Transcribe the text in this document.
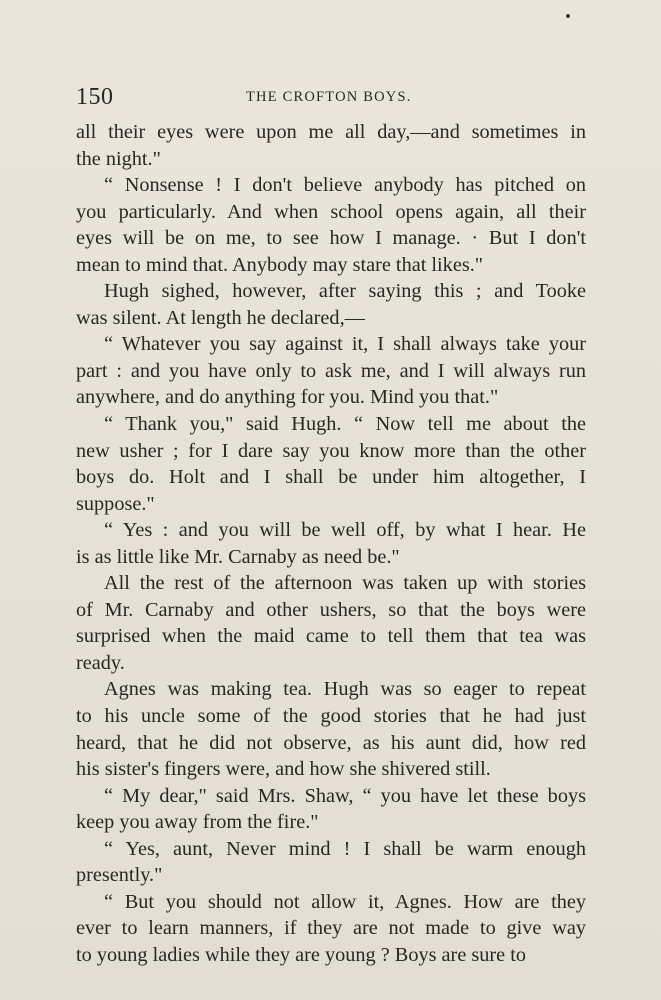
150	THE CROFTON BOYS.
all their eyes were upon me all day,—and sometimes in
the night."
“ Nonsense ! I don't believe anybody has pitched on
you particularly. And when school opens again, all their
eyes will be on me, to see how I manage. · But I don't
mean to mind that. Anybody may stare that likes."
Hugh sighed, however, after saying this ; and Tooke
was silent. At length he declared,—
“ Whatever you say against it, I shall always take your
part : and you have only to ask me, and I will always run
anywhere, and do anything for you. Mind you that."
“ Thank you," said Hugh. “ Now tell me about the
new usher ; for I dare say you know more than the other
boys do. Holt and I shall be under him altogether, I
suppose."
“ Yes : and you will be well off, by what I hear. He
is as little like Mr. Carnaby as need be."
All the rest of the afternoon was taken up with stories
of Mr. Carnaby and other ushers, so that the boys were
surprised when the maid came to tell them that tea was
ready.
Agnes was making tea. Hugh was so eager to repeat
to his uncle some of the good stories that he had just
heard, that he did not observe, as his aunt did, how red
his sister's fingers were, and how she shivered still.
“ My dear," said Mrs. Shaw, “ you have let these boys
keep you away from the fire."
“ Yes, aunt, Never mind ! I shall be warm enough
presently."
“ But you should not allow it, Agnes. How are they
ever to learn manners, if they are not made to give way
to young ladies while they are young ? Boys are sure to
